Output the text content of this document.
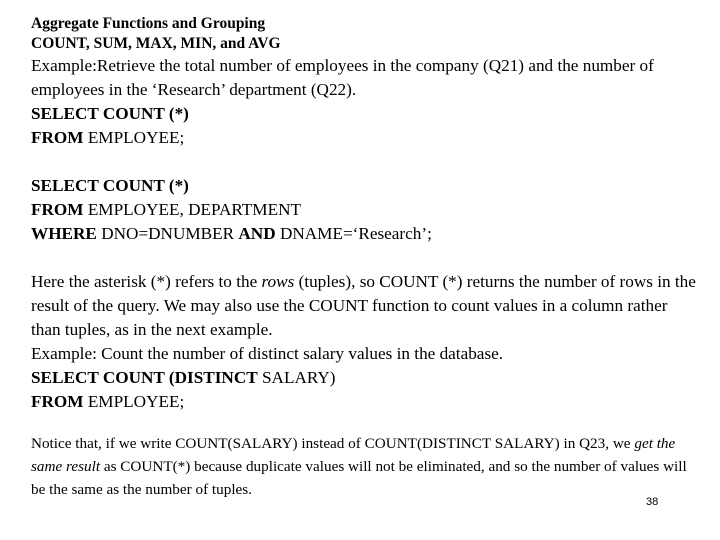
Aggregate Functions and Grouping

COUNT, SUM, MAX, MIN, and AVG

Example:Retrieve the total number of employees in the company (Q21) and the number of employees in the ‘Research’ department (Q22).

SELECT COUNT (*)

FROM EMPLOYEE;

SELECT COUNT (*)

FROM EMPLOYEE, DEPARTMENT

WHERE DNO=DNUMBER AND DNAME=‘Research’;

Here the asterisk (*) refers to the rows (tuples), so COUNT (*) returns the number of rows in the result of the query. We may also use the COUNT function to count values in a column rather than tuples, as in the next example.

Example: Count the number of distinct salary values in the database.

SELECT COUNT (DISTINCT SALARY)

FROM EMPLOYEE;

Notice that, if we write COUNT(SALARY) instead of COUNT(DISTINCT SALARY) in Q23, we get the same result as COUNT(*) because duplicate values will not be eliminated, and so the number of values will be the same as the number of tuples.

38
